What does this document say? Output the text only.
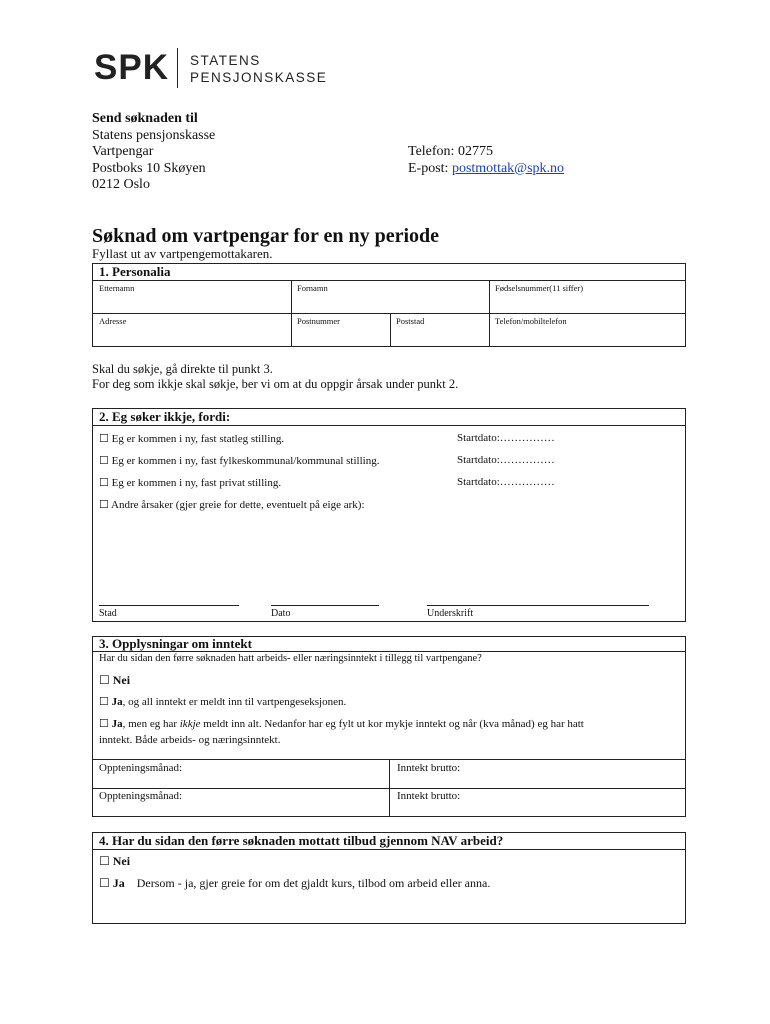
SPK STATENS
PENSJONSKASSE
Send søknaden til
Statens pensjonskasse
Vartpengar
Postboks 10 Skøyen
0212 Oslo
Telefon: 02775
E-post: postmottak@spk.no
Søknad om vartpengar for en ny periode
Fyllast ut av vartpengemottakaren.
1. Personalia
Etternamn	Fornamn	Fødselsnummer(11 siffer)
Adresse	Postnummer	Poststad	Telefon/mobiltelefon
Skal du søkje, gå direkte til punkt 3.
For deg som ikkje skal søkje, ber vi om at du oppgir årsak under punkt 2.
2. Eg søker ikkje, fordi:
☐ Eg er kommen i ny, fast statleg stilling.	Startdato:……………
☐ Eg er kommen i ny, fast fylkeskommunal/kommunal stilling.	Startdato:……………
☐ Eg er kommen i ny, fast privat stilling.	Startdato:……………
☐ Andre årsaker (gjer greie for dette, eventuelt på eige ark):
Stad	Dato	Underskrift
3. Opplysningar om inntekt
Har du sidan den førre søknaden hatt arbeids- eller næringsinntekt i tillegg til vartpengane?
☐ Nei
☐ Ja, og all inntekt er meldt inn til vartpengeseksjonen.
☐ Ja, men eg har ikkje meldt inn alt. Nedanfor har eg fylt ut kor mykje inntekt og når (kva månad) eg har hatt
inntekt. Både arbeids- og næringsinntekt.
Oppteningsmånad:	Inntekt brutto:
Oppteningsmånad:	Inntekt brutto:
4. Har du sidan den førre søknaden mottatt tilbud gjennom NAV arbeid?
☐ Nei
☐ Ja Dersom - ja, gjer greie for om det gjaldt kurs, tilbod om arbeid eller anna.
